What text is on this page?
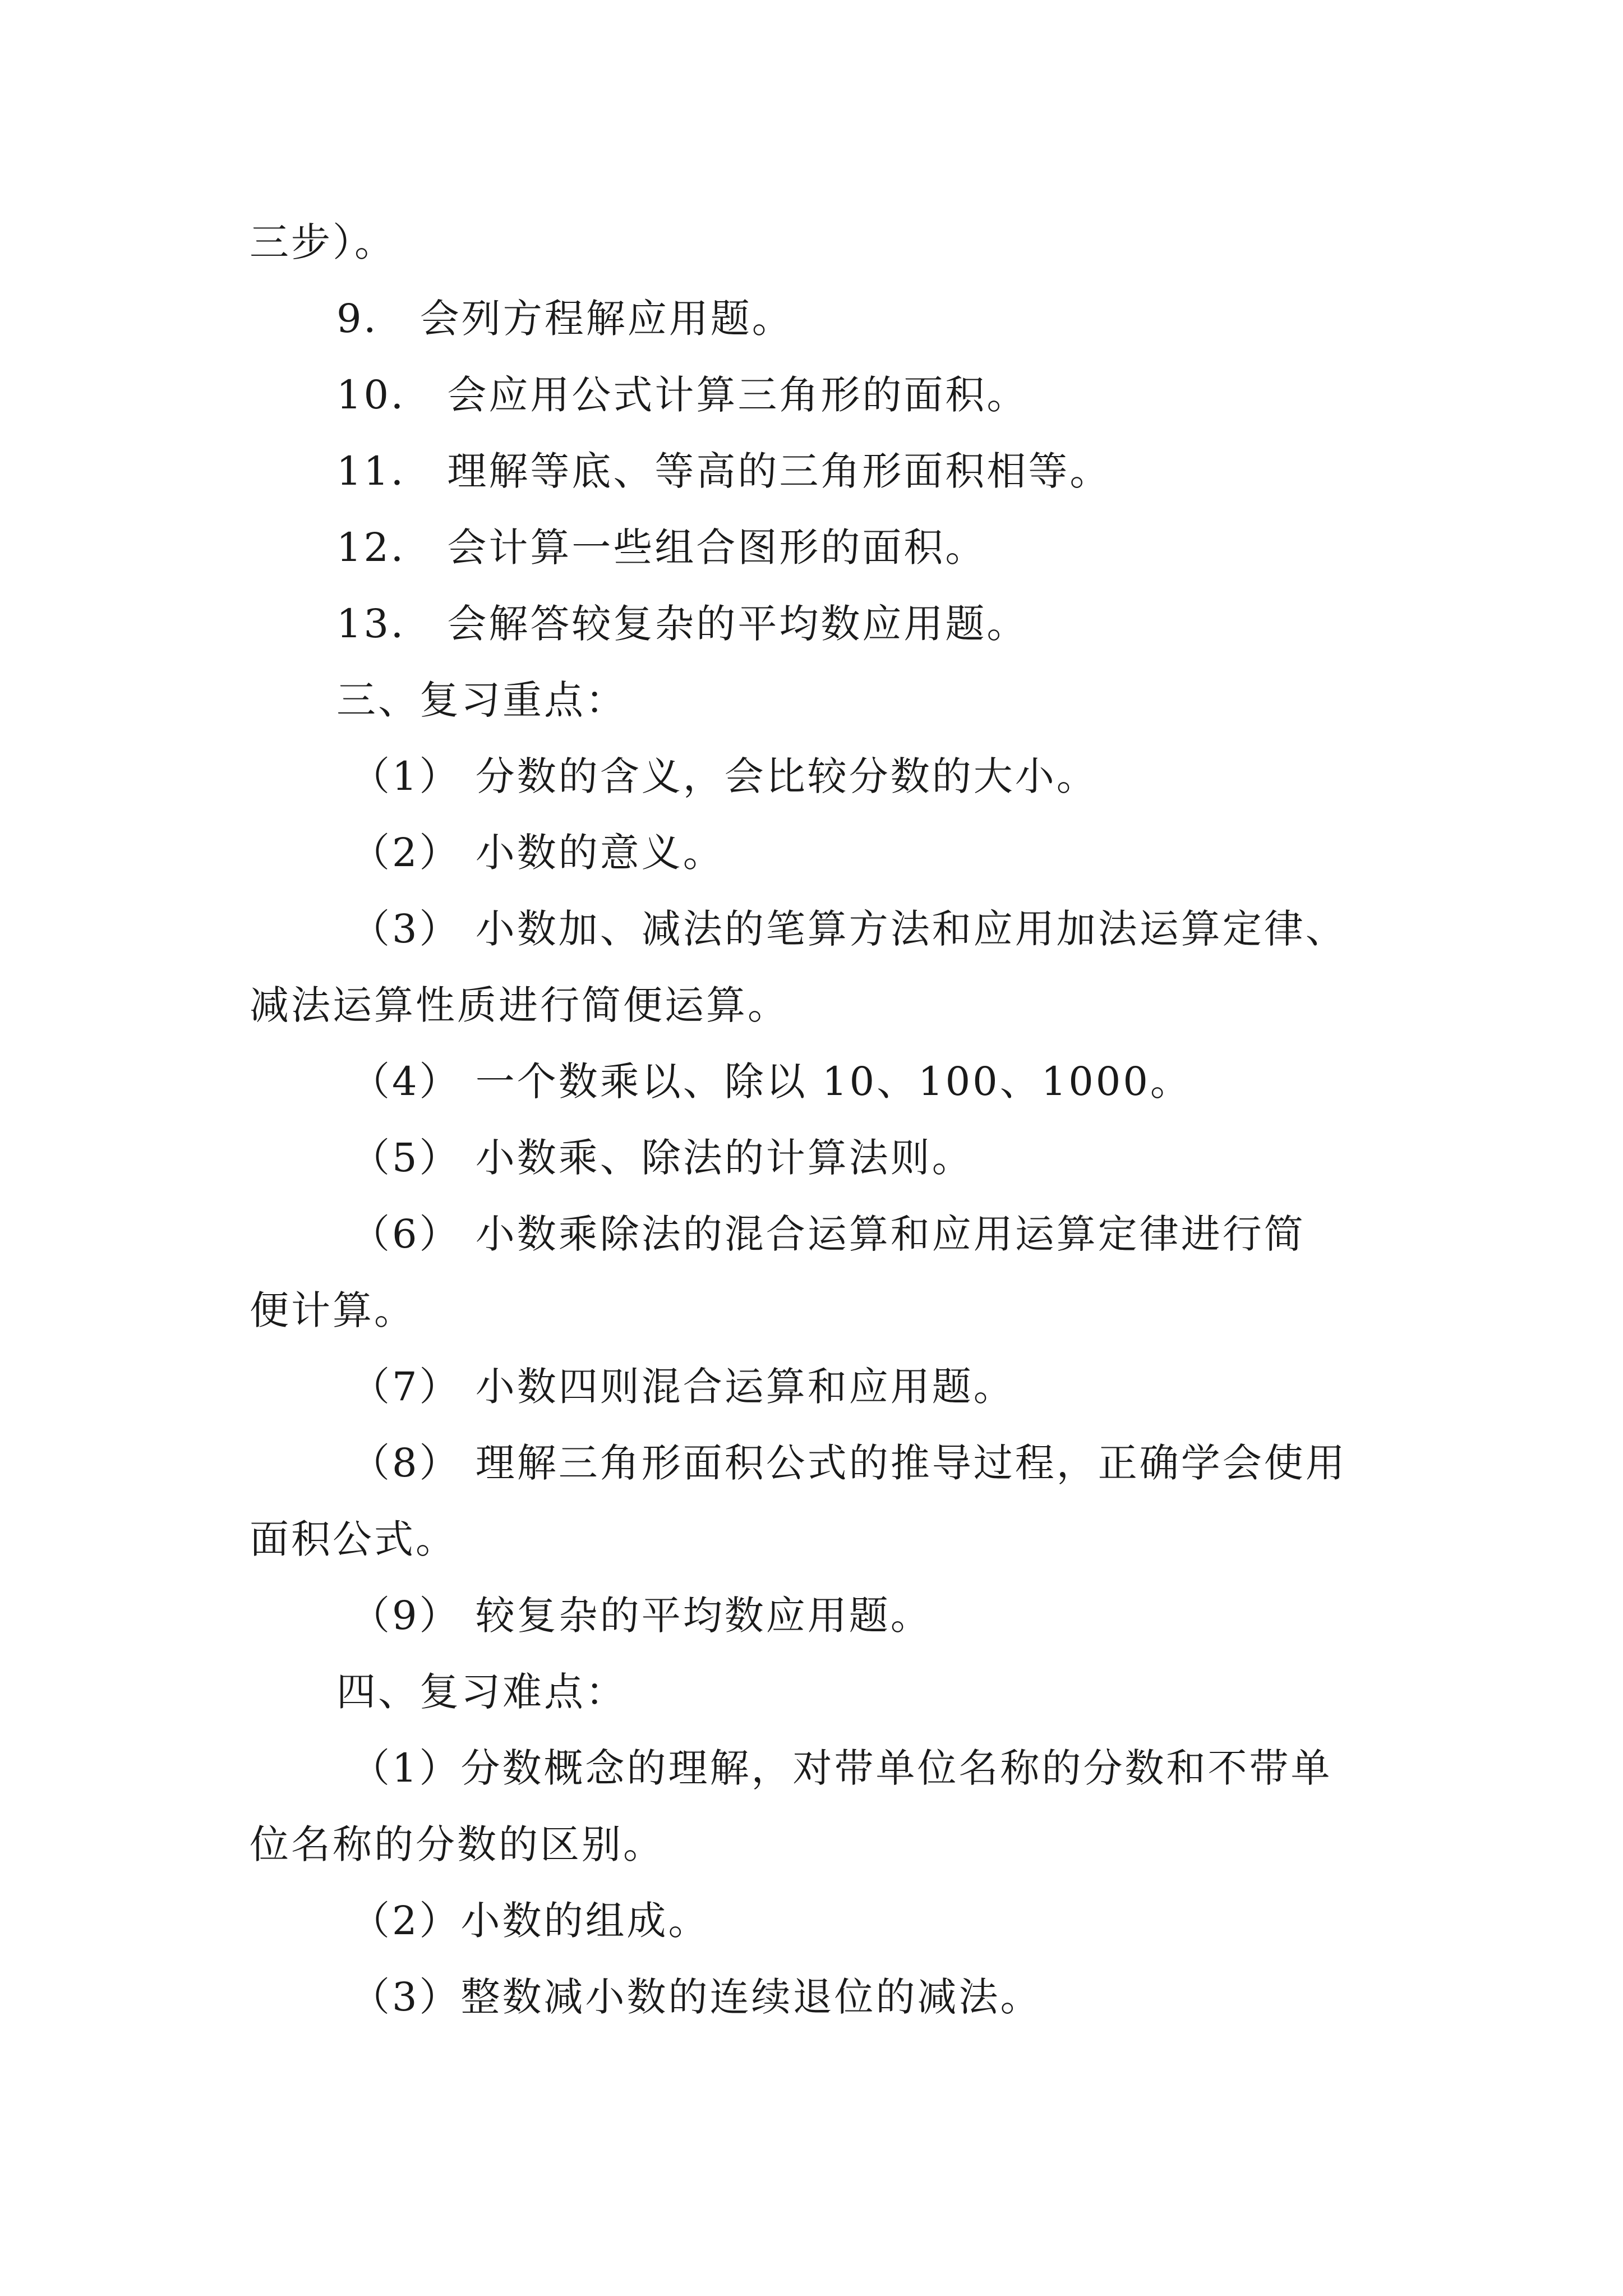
三步）。
9． 会列方程解应用题。
10． 会应用公式计算三角形的面积。
11． 理解等底、等高的三角形面积相等。
12． 会计算一些组合图形的面积。
13． 会解答较复杂的平均数应用题。
三、复习重点：
（1） 分数的含义，会比较分数的大小。
（2） 小数的意义。
（3） 小数加、减法的笔算方法和应用加法运算定律、
减法运算性质进行简便运算。
（4） 一个数乘以、除以 10、100、1000。
（5） 小数乘、除法的计算法则。
（6） 小数乘除法的混合运算和应用运算定律进行简
便计算。
（7） 小数四则混合运算和应用题。
（8） 理解三角形面积公式的推导过程，正确学会使用
面积公式。
（9） 较复杂的平均数应用题。
四、复习难点：
（1）分数概念的理解，对带单位名称的分数和不带单
位名称的分数的区别。
（2）小数的组成。
（3）整数减小数的连续退位的减法。
